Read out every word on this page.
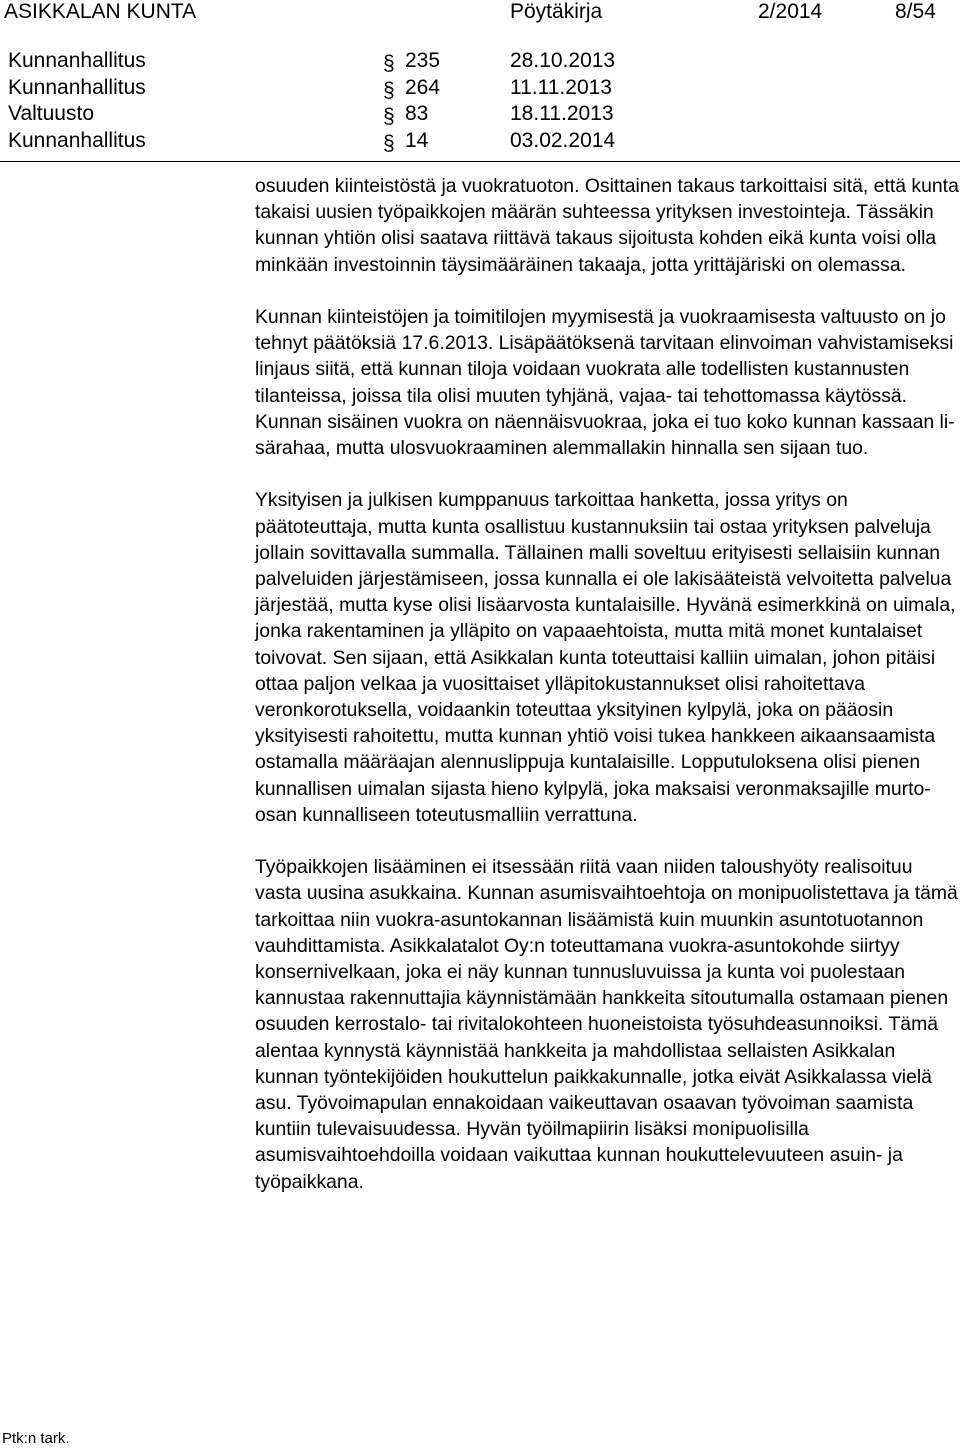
ASIKKALAN KUNTA	Pöytäkirja	2/2014	8/54
Kunnanhallitus	§ 235	28.10.2013
Kunnanhallitus	§ 264	11.11.2013
Valtuusto	§ 83	18.11.2013
Kunnanhallitus	§ 14	03.02.2014

osuuden kiinteistöstä ja vuokratuoton. Osittainen takaus tarkoittaisi sitä, että kunta takaisi uusien työpaikkojen määrän suhteessa yrityksen investointeja. Tässäkin kunnan yhtiön olisi saatava riittävä takaus sijoitusta kohden eikä kunta voisi olla minkään investoinnin täysimääräinen takaaja, jotta yrittäjäriski on olemassa.

Kunnan kiinteistöjen ja toimitilojen myymisestä ja vuokraamisesta valtuusto on jo tehnyt päätöksiä 17.6.2013. Lisäpäätöksenä tarvitaan elinvoiman vahvistamiseksi linjaus siitä, että kunnan tiloja voidaan vuokrata alle todellisten kustannusten tilanteissa, joissa tila olisi muuten tyhjänä, vajaa- tai tehottomassa käytössä. Kunnan sisäinen vuokra on näennäisvuokraa, joka ei tuo koko kunnan kassaan lisärahaa, mutta ulosvuokraaminen alemmallakin hinnalla sen sijaan tuo.

Yksityisen ja julkisen kumppanuus tarkoittaa hanketta, jossa yritys on päätoteuttaja, mutta kunta osallistuu kustannuksiin tai ostaa yrityksen palveluja jollain sovittavalla summalla. Tällainen malli soveltuu erityisesti sellaisiin kunnan palveluiden järjestämiseen, jossa kunnalla ei ole lakisääteistä velvoitetta palvelua järjestää, mutta kyse olisi lisäarvosta kuntalaisille. Hyvänä esimerkkinä on uimala, jonka rakentaminen ja ylläpito on vapaaehtoista, mutta mitä monet kuntalaiset toivovat. Sen sijaan, että Asikkalan kunta toteuttaisi kalliin uimalan, johon pitäisi ottaa paljon velkaa ja vuosittaiset ylläpitokustannukset olisi rahoitettava veronkorotuksella, voidaankin toteuttaa yksityinen kylpylä, joka on pääosin yksityisesti rahoitettu, mutta kunnan yhtiö voisi tukea hankkeen aikaansaamista ostamalla määräajan alennuslippuja kuntalaisille. Lopputuloksena olisi pienen kunnallisen uimalan sijasta hieno kylpylä, joka maksaisi veronmaksajille murto-osan kunnalliseen toteutusmalliin verrattuna.

Työpaikkojen lisääminen ei itsessään riitä vaan niiden taloushyöty realisoituu vasta uusina asukkaina. Kunnan asumisvaihtoehtoja on monipuolistettava ja tämä tarkoittaa niin vuokra-asuntokannan lisäämistä kuin muunkin asuntotuotannon vauhdittamista. Asikkalatalot Oy:n toteuttamana vuokra-asuntokohde siirtyy konsernivelkaan, joka ei näy kunnan tunnusluvuissa ja kunta voi puolestaan kannustaa rakennuttajia käynnistämään hankkeita sitoutumalla ostamaan pienen osuuden kerrostalo- tai rivitalokohteen huoneistoista työsuhdeasunnoiksi. Tämä alentaa kynnystä käynnistää hankkeita ja mahdollistaa sellaisten Asikkalan kunnan työntekijöiden houkuttelun paikkakunnalle, jotka eivät Asikkalassa vielä asu. Työvoimapulan ennakoidaan vaikeuttavan osaavan työvoiman saamista kuntiin tulevaisuudessa. Hyvän työilmapiirin lisäksi monipuolisilla asumisvaihtoehdoilla voidaan vaikuttaa kunnan houkuttelevuuteen asuin- ja työpaikkana.

Ptk:n tark.
